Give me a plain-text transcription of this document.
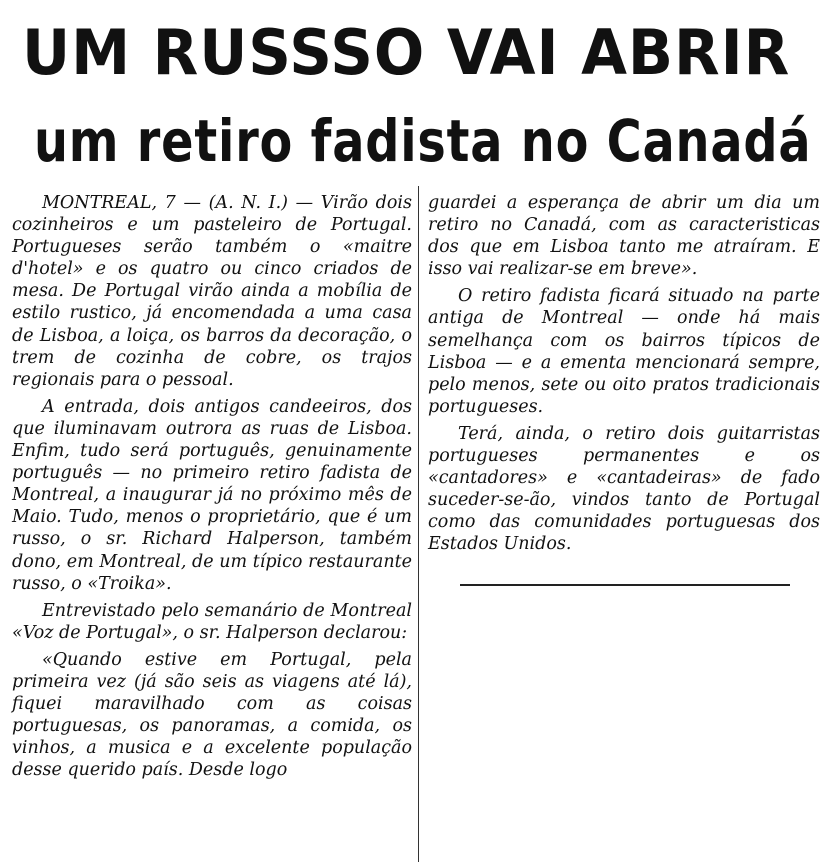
UM RUSSSO VAI ABRIR
um retiro fadista no Canadá

MONTREAL, 7 — (A. N. I.) — Virão dois cozinheiros e um pasteleiro de Portugal. Portugueses serão também o «maitre d'hotel» e os quatro ou cinco criados de mesa. De Portugal virão ainda a mobília de estilo rustico, já encomendada a uma casa de Lisboa, a loiça, os barros da decoração, o trem de cozinha de cobre, os trajos regionais para o pessoal.

A entrada, dois antigos candeeiros, dos que iluminavam outrora as ruas de Lisboa. Enfim, tudo será português, genuinamente português — no primeiro retiro fadista de Montreal, a inaugurar já no próximo mês de Maio. Tudo, menos o proprietário, que é um russo, o sr. Richard Halperson, também dono, em Montreal, de um típico restaurante russo, o «Troika».

Entrevistado pelo semanário de Montreal «Voz de Portugal», o sr. Halperson declarou:

«Quando estive em Portugal, pela primeira vez (já são seis as viagens até lá), fiquei maravilhado com as coisas portuguesas, os panoramas, a comida, os vinhos, a musica e a excelente população desse querido país. Desde logo

guardei a esperança de abrir um dia um retiro no Canadá, com as caracteristicas dos que em Lisboa tanto me atraíram. E isso vai realizar-se em breve».

O retiro fadista ficará situado na parte antiga de Montreal — onde há mais semelhança com os bairros típicos de Lisboa — e a ementa mencionará sempre, pelo menos, sete ou oito pratos tradicionais portugueses.

Terá, ainda, o retiro dois guitarristas portugueses permanentes e os «cantadores» e «cantadeiras» de fado suceder-se-ão, vindos tanto de Portugal como das comunidades portuguesas dos Estados Unidos.
